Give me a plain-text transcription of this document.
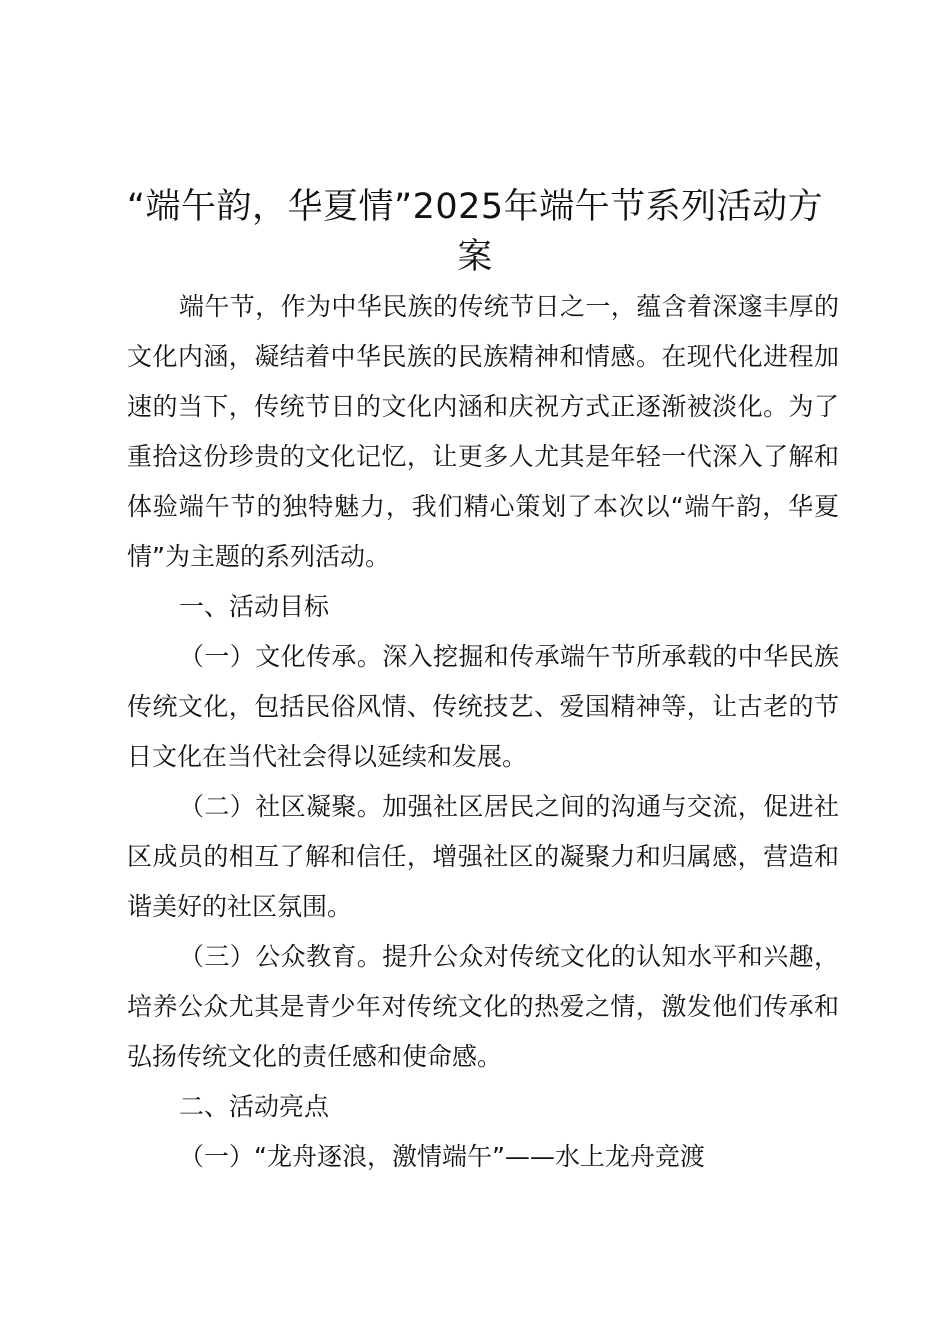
“端午韵，华夏情”2025年端午节系列活动方案

端午节，作为中华民族的传统节日之一，蕴含着深邃丰厚的文化内涵，凝结着中华民族的民族精神和情感。在现代化进程加速的当下，传统节日的文化内涵和庆祝方式正逐渐被淡化。为了重拾这份珍贵的文化记忆，让更多人尤其是年轻一代深入了解和体验端午节的独特魅力，我们精心策划了本次以“端午韵，华夏情”为主题的系列活动。

一、活动目标

（一）文化传承。深入挖掘和传承端午节所承载的中华民族传统文化，包括民俗风情、传统技艺、爱国精神等，让古老的节日文化在当代社会得以延续和发展。

（二）社区凝聚。加强社区居民之间的沟通与交流，促进社区成员的相互了解和信任，增强社区的凝聚力和归属感，营造和谐美好的社区氛围。

（三）公众教育。提升公众对传统文化的认知水平和兴趣，培养公众尤其是青少年对传统文化的热爱之情，激发他们传承和弘扬传统文化的责任感和使命感。

二、活动亮点

（一）“龙舟逐浪，激情端午”——水上龙舟竞渡
